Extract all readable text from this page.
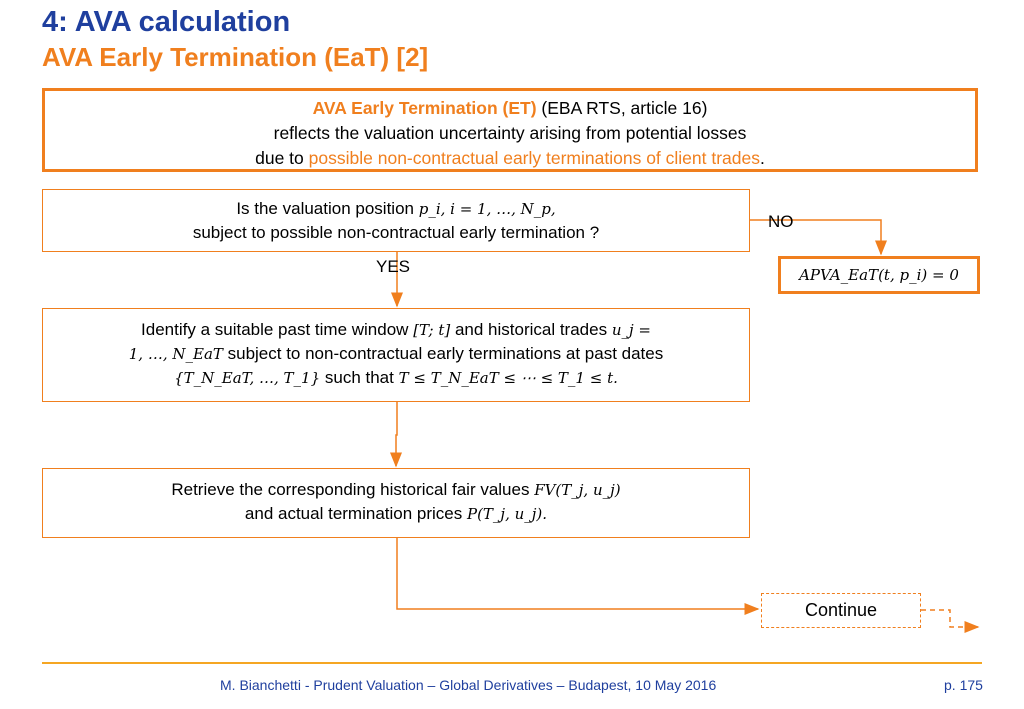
4: AVA calculation
AVA Early Termination (EaT) [2]
AVA Early Termination (ET) (EBA RTS, article 16)
reflects the valuation uncertainty arising from potential losses
due to possible non-contractual early terminations of client trades.
Is the valuation position p_i, i = 1, …, N_p,
subject to possible non-contractual early termination ?
NO
YES	APVA_EaT(t, p_i) = 0
Identify a suitable past time window [T; t] and historical trades u_j =
1, …, N_EaT subject to non-contractual early terminations at past dates
{T_N_EaT, …, T_1} such that T ≤ T_N_EaT ≤ ⋯ ≤ T_1 ≤ t.
Retrieve the corresponding historical fair values FV(T_j, u_j)
and actual termination prices P(T_j, u_j).
Continue
M. Bianchetti - Prudent Valuation – Global Derivatives – Budapest, 10 May 2016	p. 175
